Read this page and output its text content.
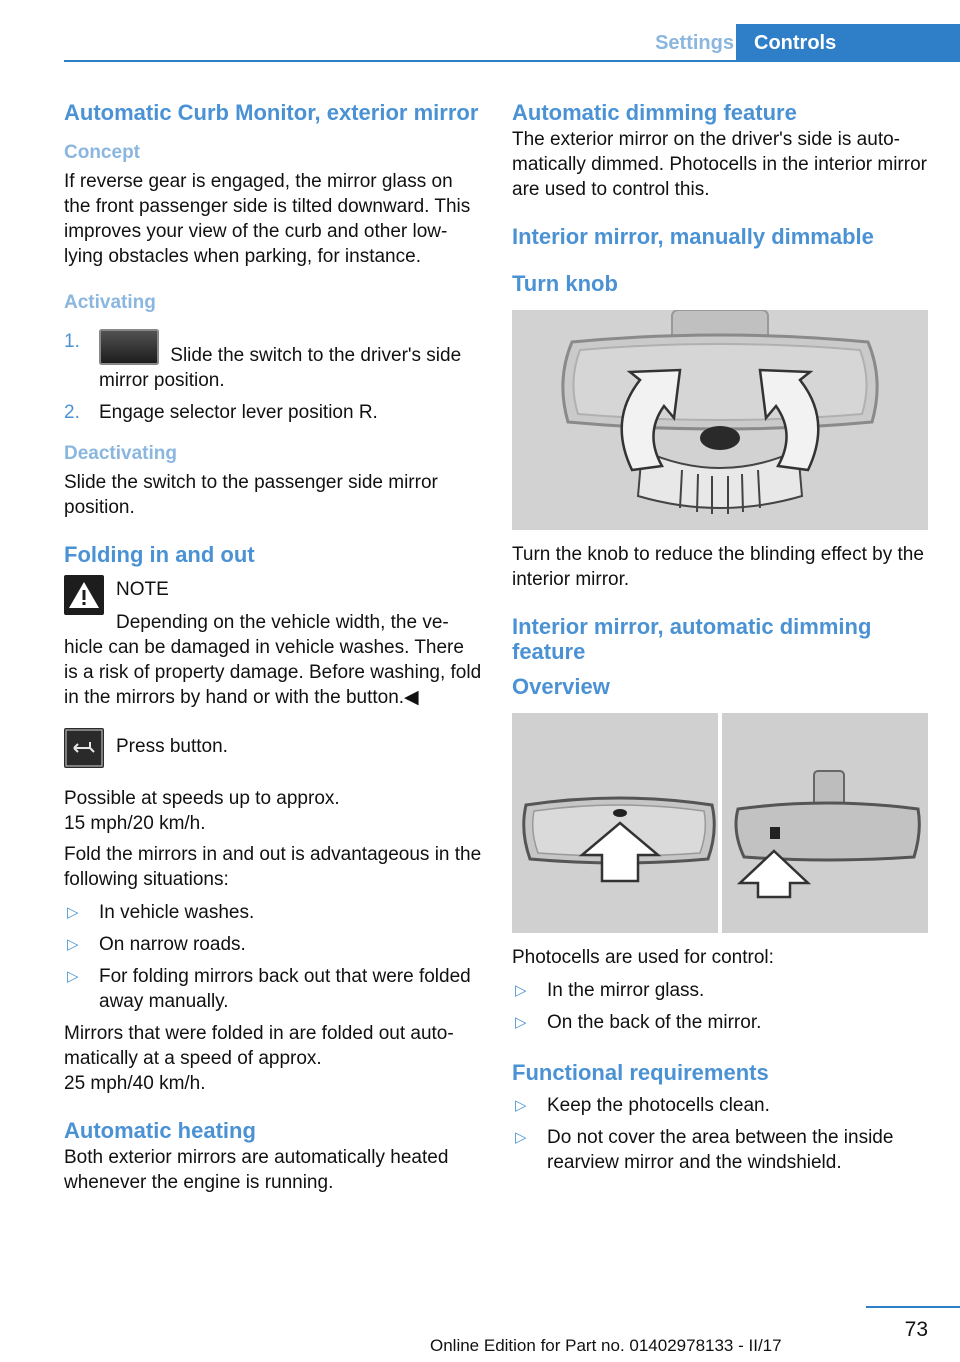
Settings	Controls
Automatic Curb Monitor, exterior mirror
Concept

If reverse gear is engaged, the mirror glass on the front passenger side is tilted downward. This improves your view of the curb and other low-lying obstacles when parking, for instance.

Activating
1.
Slide the switch to the driver's side mirror position.
2. Engage selector lever position R.
Deactivating

Slide the switch to the passenger side mirror position.

Folding in and out
NOTE
Depending on the vehicle width, the ve-
hicle can be damaged in vehicle washes. There is a risk of property damage. Before washing, fold in the mirrors by hand or with the button.◀
Press button.

Possible at speeds up to approx.

15 mph/20 km/h.

Fold the mirrors in and out is advantageous in the following situations:

▷ In vehicle washes.
▷ On narrow roads.
▷ For folding mirrors back out that were folded away manually.

Mirrors that were folded in are folded out auto-matically at a speed of approx.

25 mph/40 km/h.

Automatic heating

Both exterior mirrors are automatically heated whenever the engine is running.

Automatic dimming feature

The exterior mirror on the driver's side is auto-matically dimmed. Photocells in the interior mirror are used to control this.

Interior mirror, manually dimmable
Turn knob

Turn the knob to reduce the blinding effect by the interior mirror.

Interior mirror, automatic dimming feature
Overview

Photocells are used for control:

▷ In the mirror glass.
▷ On the back of the mirror.
Functional requirements
▷ Keep the photocells clean.
▷ Do not cover the area between the inside rearview mirror and the windshield.
73
Online Edition for Part no. 01402978133 - II/17
